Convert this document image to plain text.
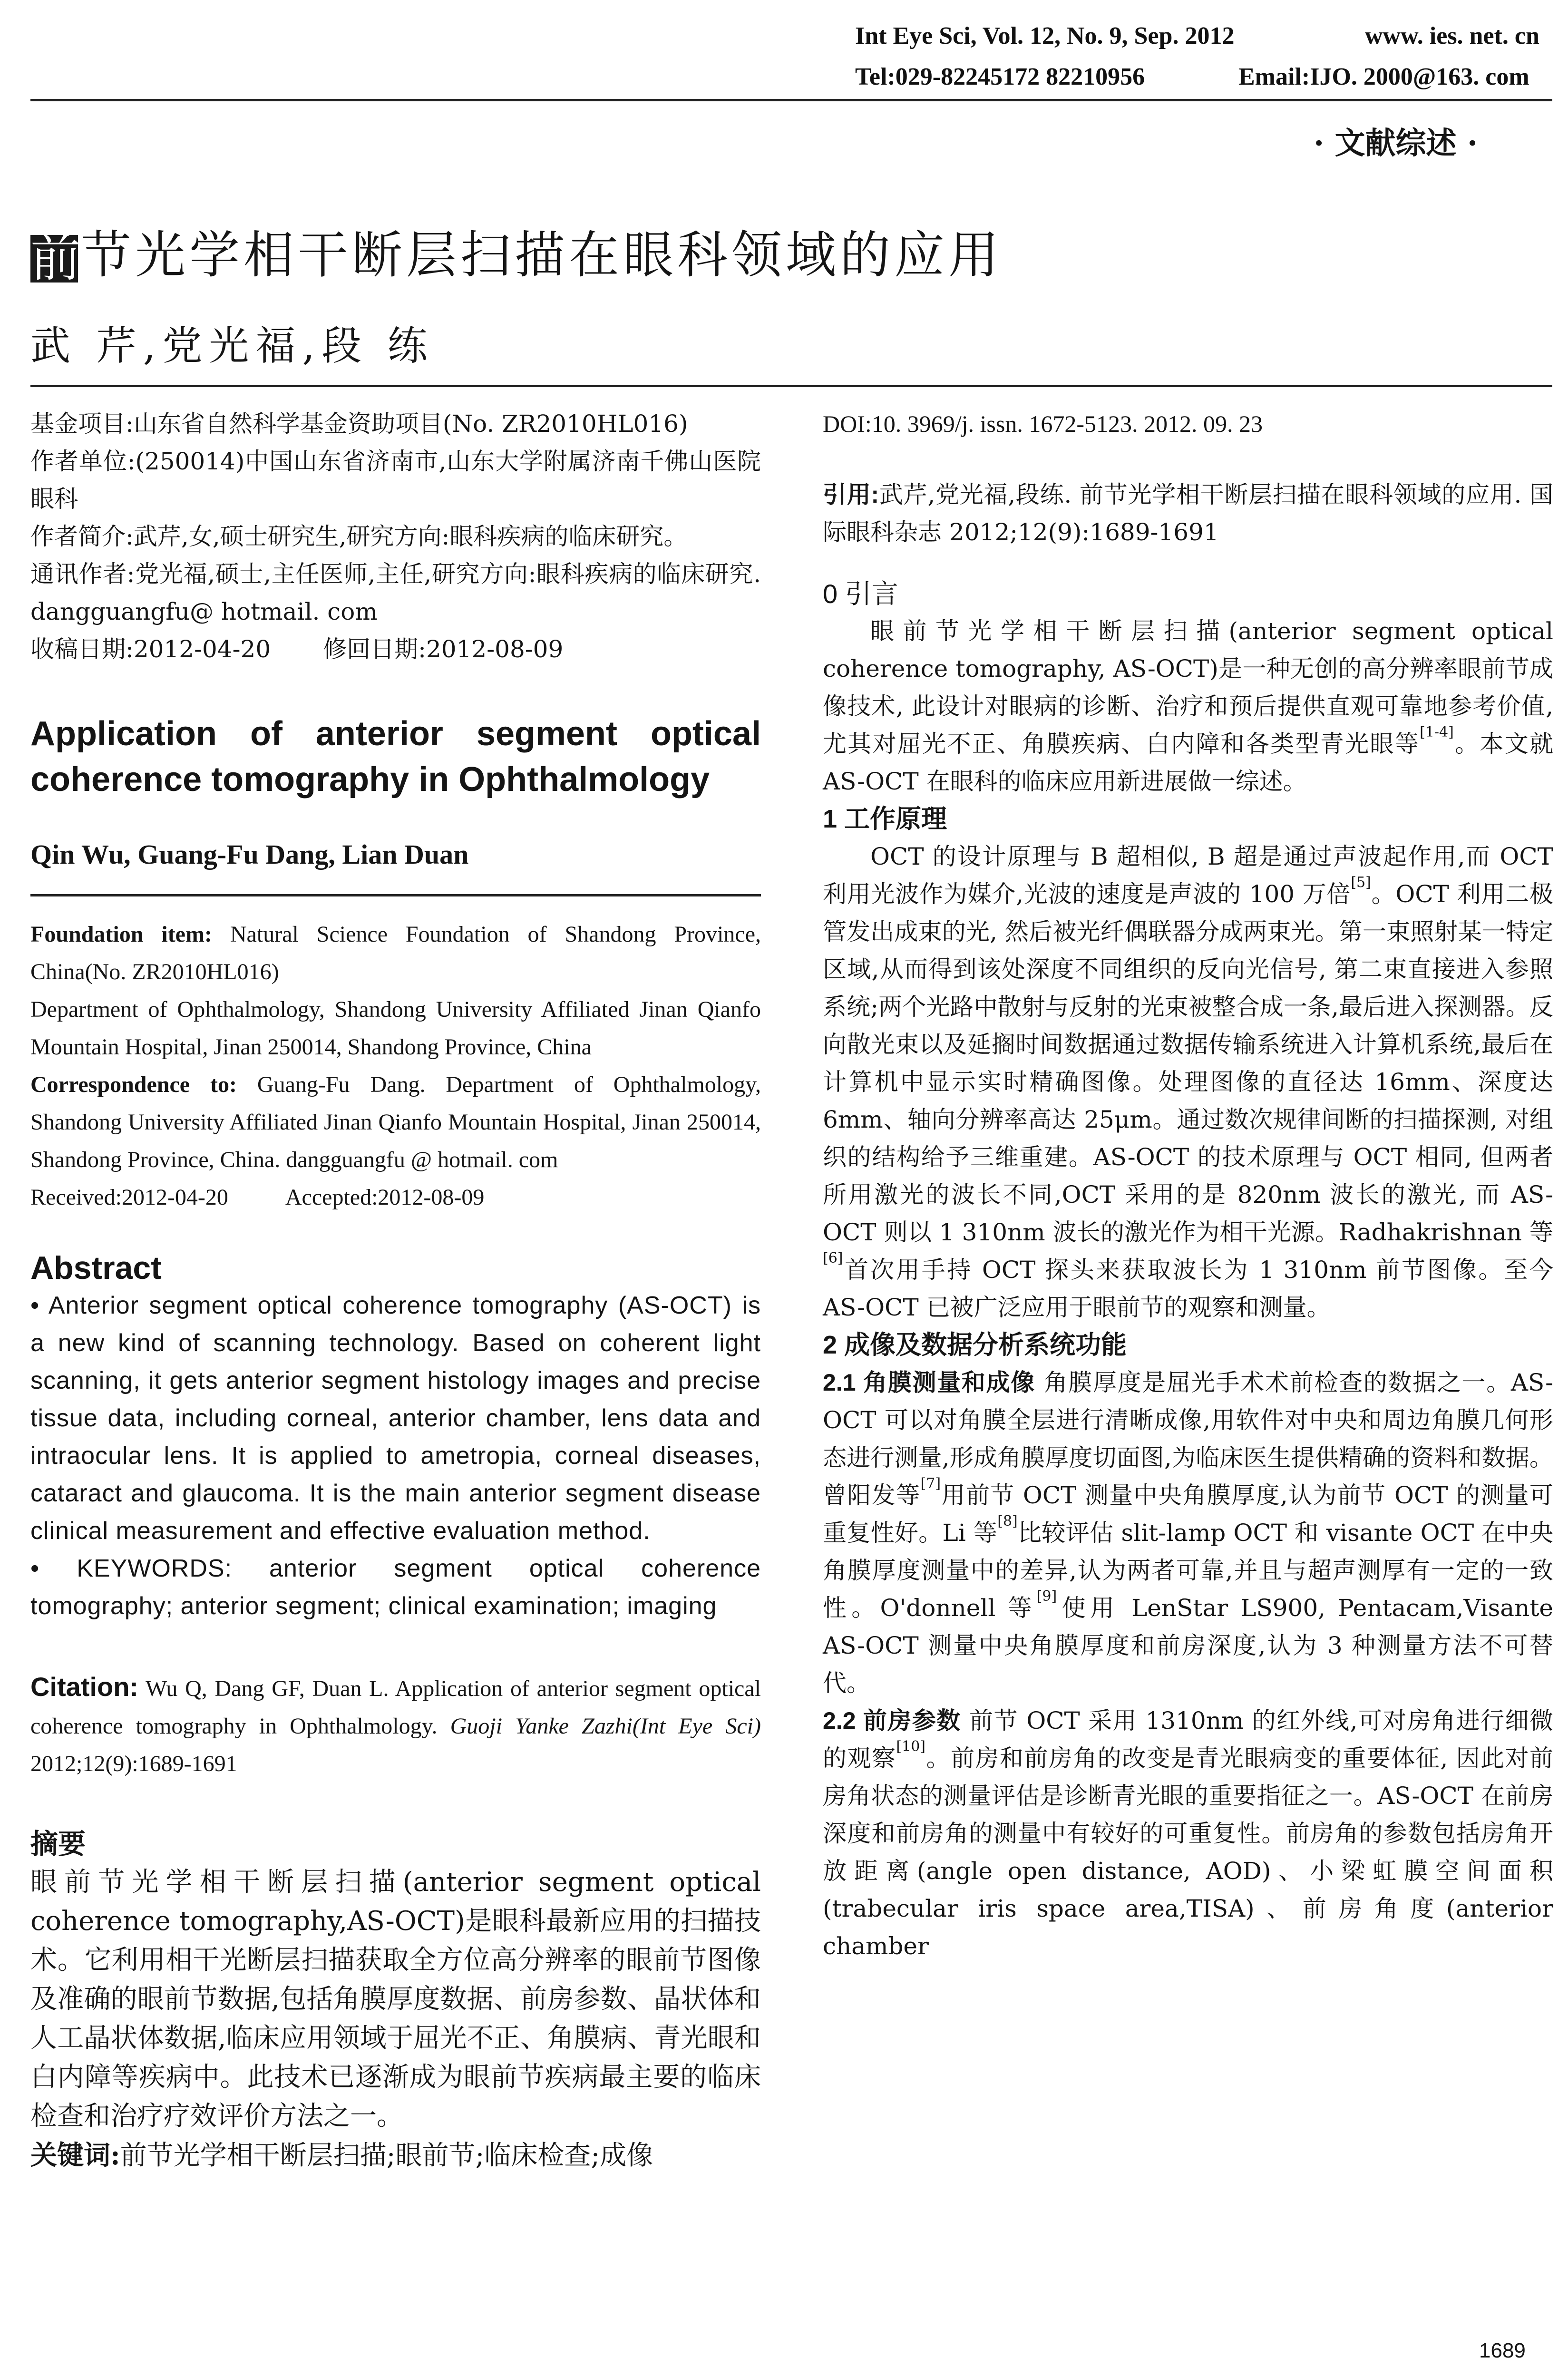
Int Eye Sci, Vol. 12, No. 9, Sep. 2012	www. ies. net. cn
Tel:029-82245172 82210956	Email:IJO. 2000@163. com
· 文献综述 ·
前节光学相干断层扫描在眼科领域的应用
武 芹,党光福,段 练

基金项目:山东省自然科学基金资助项目(No. ZR2010HL016)

作者单位:(250014)中国山东省济南市,山东大学附属济南千佛山医院眼科

作者简介:武芹,女,硕士研究生,研究方向:眼科疾病的临床研究。

通讯作者:党光福,硕士,主任医师,主任,研究方向:眼科疾病的临床研究. dangguangfu@ hotmail. com

收稿日期:2012-04-20 修回日期:2012-08-09

Application of anterior segment optical coherence tomography in Ophthalmology
Qin Wu, Guang-Fu Dang, Lian Duan

Foundation item: Natural Science Foundation of Shandong Province, China(No. ZR2010HL016)

Department of Ophthalmology, Shandong University Affiliated Jinan Qianfo Mountain Hospital, Jinan 250014, Shandong Province, China

Correspondence to: Guang-Fu Dang. Department of Ophthalmology, Shandong University Affiliated Jinan Qianfo Mountain Hospital, Jinan 250014, Shandong Province, China. dangguangfu @ hotmail. com

Received:2012-04-20	Accepted:2012-08-09

Abstract
• Anterior segment optical coherence tomography (AS-OCT) is a new kind of scanning technology. Based on coherent light scanning, it gets anterior segment histology images and precise tissue data, including corneal, anterior chamber, lens data and intraocular lens. It is applied to ametropia, corneal diseases, cataract and glaucoma. It is the main anterior segment disease clinical measurement and effective evaluation method.
• KEYWORDS: anterior segment optical coherence tomography; anterior segment; clinical examination; imaging
Citation: Wu Q, Dang GF, Duan L. Application of anterior segment optical coherence tomography in Ophthalmology. Guoji Yanke Zazhi(Int Eye Sci) 2012;12(9):1689-1691
摘要

眼前节光学相干断层扫描(anterior segment optical coherence tomography,AS-OCT)是眼科最新应用的扫描技术。它利用相干光断层扫描获取全方位高分辨率的眼前节图像及准确的眼前节数据,包括角膜厚度数据、前房参数、晶状体和人工晶状体数据,临床应用领域于屈光不正、角膜病、青光眼和白内障等疾病中。此技术已逐渐成为眼前节疾病最主要的临床检查和治疗疗效评价方法之一。

关键词:前节光学相干断层扫描;眼前节;临床检查;成像

DOI:10. 3969/j. issn. 1672-5123. 2012. 09. 23

引用:武芹,党光福,段练. 前节光学相干断层扫描在眼科领域的应用. 国际眼科杂志 2012;12(9):1689-1691

0 引言

眼前节光学相干断层扫描(anterior segment optical coherence tomography, AS-OCT)是一种无创的高分辨率眼前节成像技术, 此设计对眼病的诊断、治疗和预后提供直观可靠地参考价值,尤其对屈光不正、角膜疾病、白内障和各类型青光眼等[1-4]。本文就 AS-OCT 在眼科的临床应用新进展做一综述。

1 工作原理

OCT 的设计原理与 B 超相似, B 超是通过声波起作用,而 OCT 利用光波作为媒介,光波的速度是声波的 100 万倍[5]。OCT 利用二极管发出成束的光, 然后被光纤偶联器分成两束光。第一束照射某一特定区域,从而得到该处深度不同组织的反向光信号, 第二束直接进入参照系统;两个光路中散射与反射的光束被整合成一条,最后进入探测器。反向散光束以及延搁时间数据通过数据传输系统进入计算机系统,最后在计算机中显示实时精确图像。处理图像的直径达 16mm、深度达 6mm、轴向分辨率高达 25μm。通过数次规律间断的扫描探测, 对组织的结构给予三维重建。AS-OCT 的技术原理与 OCT 相同, 但两者所用激光的波长不同,OCT 采用的是 820nm 波长的激光, 而 AS-OCT 则以 1 310nm 波长的激光作为相干光源。Radhakrishnan 等[6]首次用手持 OCT 探头来获取波长为 1 310nm 前节图像。至今 AS-OCT 已被广泛应用于眼前节的观察和测量。

2 成像及数据分析系统功能

2.1 角膜测量和成像 角膜厚度是屈光手术术前检查的数据之一。AS-OCT 可以对角膜全层进行清晰成像,用软件对中央和周边角膜几何形态进行测量,形成角膜厚度切面图,为临床医生提供精确的资料和数据。曾阳发等[7]用前节 OCT 测量中央角膜厚度,认为前节 OCT 的测量可重复性好。Li 等[8]比较评估 slit-lamp OCT 和 visante OCT 在中央角膜厚度测量中的差异,认为两者可靠,并且与超声测厚有一定的一致性。O'donnell 等[9]使用 LenStar LS900, Pentacam,Visante AS-OCT 测量中央角膜厚度和前房深度,认为 3 种测量方法不可替代。

2.2 前房参数 前节 OCT 采用 1310nm 的红外线,可对房角进行细微的观察[10]。前房和前房角的改变是青光眼病变的重要体征, 因此对前房角状态的测量评估是诊断青光眼的重要指征之一。AS-OCT 在前房深度和前房角的测量中有较好的可重复性。前房角的参数包括房角开放距离(angle open distance, AOD)、小梁虹膜空间面积(trabecular iris space area,TISA)、前房角度(anterior chamber

1689
